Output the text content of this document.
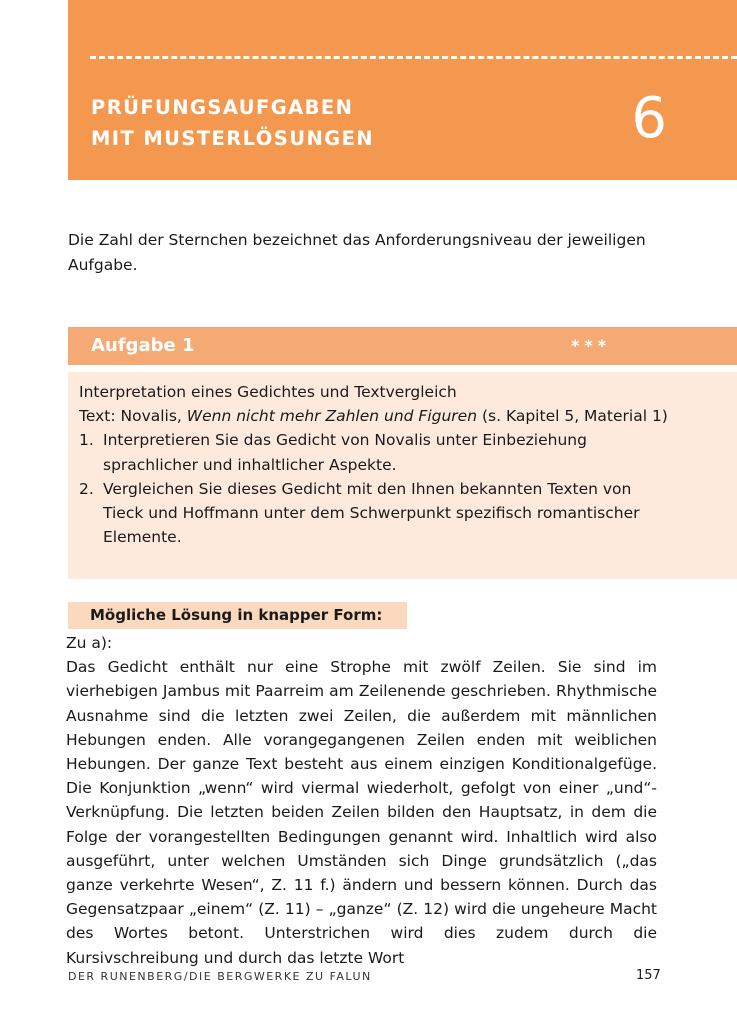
PRÜFUNGSAUFGABEN
MIT MUSTERLÖSUNGEN	6

Die Zahl der Sternchen bezeichnet das Anforderungsniveau der jeweiligen Aufgabe.

Aufgabe 1	***

Interpretation eines Gedichtes und Textvergleich

Text: Novalis, Wenn nicht mehr Zahlen und Figuren (s. Kapitel 5, Material 1)

1. Interpretieren Sie das Gedicht von Novalis unter Einbeziehung sprachlicher und inhaltlicher Aspekte.
2. Vergleichen Sie dieses Gedicht mit den Ihnen bekannten Texten von Tieck und Hoffmann unter dem Schwerpunkt spezifisch romantischer Elemente.
Mögliche Lösung in knapper Form:

Zu a):

Das Gedicht enthält nur eine Strophe mit zwölf Zeilen. Sie sind im vierhebigen Jambus mit Paarreim am Zeilenende geschrieben. Rhythmische Ausnahme sind die letzten zwei Zeilen, die außerdem mit männlichen Hebungen enden. Alle vorangegangenen Zeilen enden mit weiblichen Hebungen. Der ganze Text besteht aus einem einzigen Konditionalgefüge. Die Konjunktion „wenn“ wird viermal wiederholt, gefolgt von einer „und“-Verknüpfung. Die letzten beiden Zeilen bilden den Hauptsatz, in dem die Folge der vorangestellten Bedingungen genannt wird. Inhaltlich wird also ausgeführt, unter welchen Umständen sich Dinge grundsätzlich („das ganze verkehrte Wesen“, Z. 11 f.) ändern und bessern können. Durch das Gegensatzpaar „einem“ (Z. 11) – „ganze“ (Z. 12) wird die ungeheure Macht des Wortes betont. Unterstrichen wird dies zudem durch die Kursivschreibung und durch das letzte Wort

DER RUNENBERG/DIE BERGWERKE ZU FALUN	157
